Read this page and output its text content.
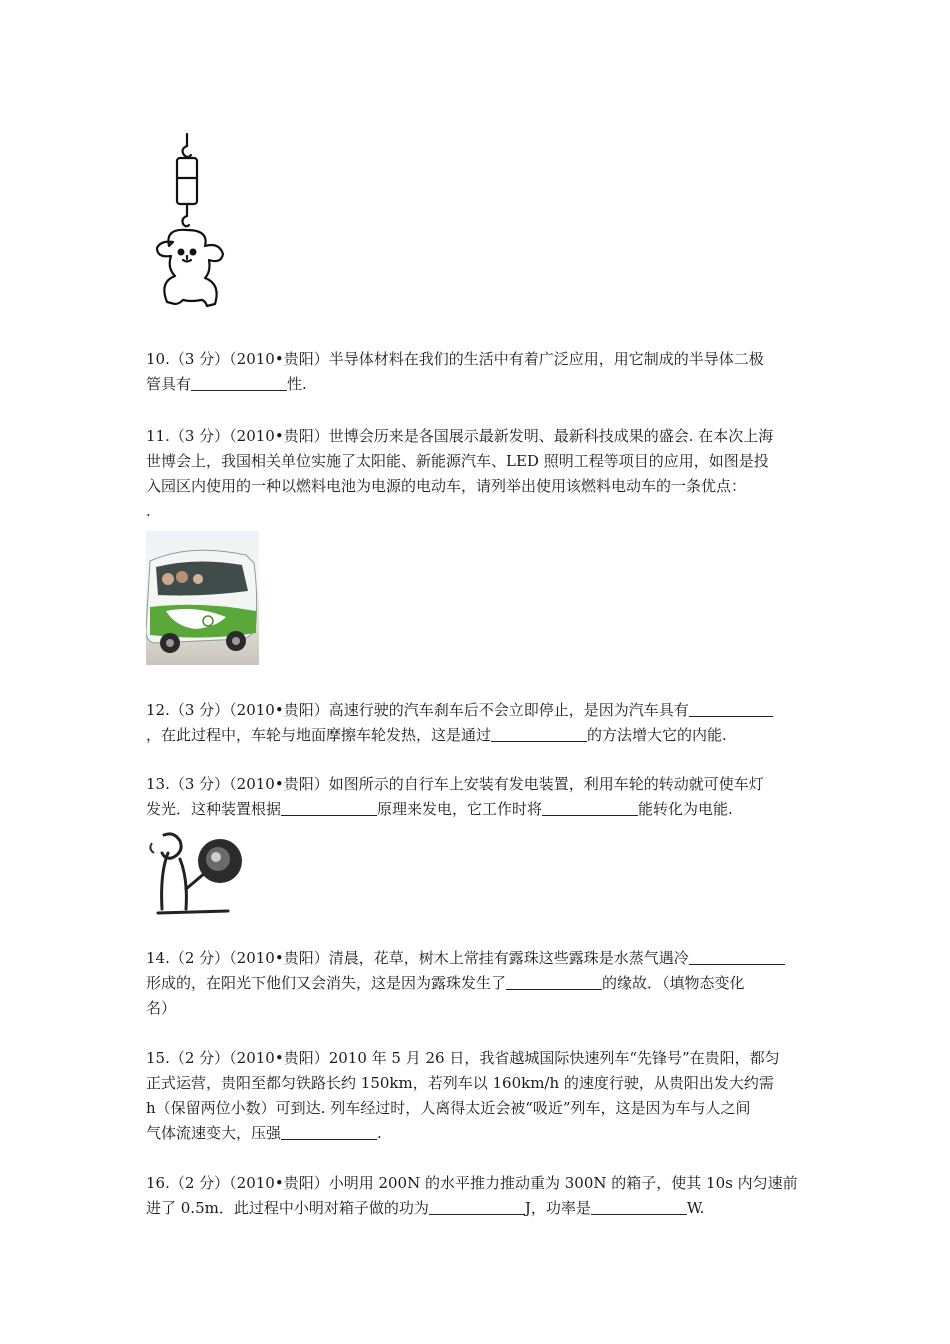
10.（3 分）（2010•贵阳）半导体材料在我们的生活中有着广泛应用，用它制成的半导体二极
管具有	性.
11.（3 分）（2010•贵阳）世博会历来是各国展示最新发明、最新科技成果的盛会. 在本次上海
世博会上，我国相关单位实施了太阳能、新能源汽车、LED 照明工程等项目的应用，如图是投
入园区内使用的一种以燃料电池为电源的电动车，请列举出使用该燃料电动车的一条优点：
.
12.（3 分）（2010•贵阳）高速行驶的汽车刹车后不会立即停止，是因为汽车具有
，在此过程中，车轮与地面摩擦车轮发热，这是通过	的方法增大它的内能.
13.（3 分）（2010•贵阳）如图所示的自行车上安装有发电装置，利用车轮的转动就可使车灯
发光．这种装置根据	原理来发电，它工作时将	能转化为电能.
14.（2 分）（2010•贵阳）清晨，花草，树木上常挂有露珠这些露珠是水蒸气遇冷
形成的，在阳光下他们又会消失，这是因为露珠发生了	的缘故．（填物态变化
名）
15.（2 分）（2010•贵阳）2010 年 5 月 26 日，我省越城国际快速列车“先锋号”在贵阳，都匀
正式运营，贵阳至都匀铁路长约 150km，若列车以 160km/h 的速度行驶，从贵阳出发大约需
h（保留两位小数）可到达. 列车经过时，人离得太近会被“吸近”列车，这是因为车与人之间
气体流速变大，压强	.
16.（2 分）（2010•贵阳）小明用 200N 的水平推力推动重为 300N 的箱子，使其 10s 内匀速前
进了 0.5m．此过程中小明对箱子做的功为	J，功率是	W.
